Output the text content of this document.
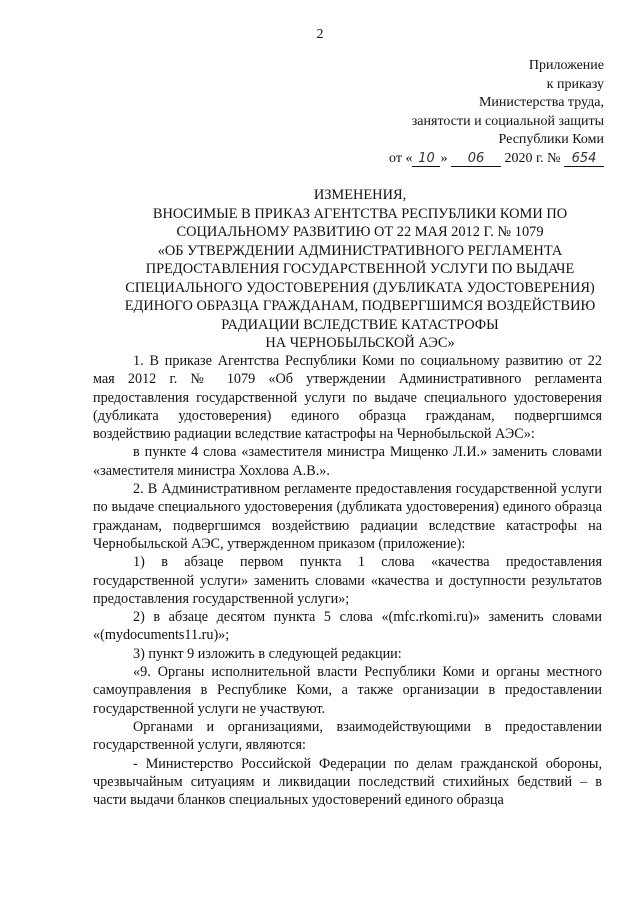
2
Приложение
к приказу
Министерства труда,
занятости и социальной защиты
Республики Коми
от « 10 » 06 2020 г. № 654
ИЗМЕНЕНИЯ,
ВНОСИМЫЕ В ПРИКАЗ АГЕНТСТВА РЕСПУБЛИКИ КОМИ ПО
СОЦИАЛЬНОМУ РАЗВИТИЮ ОТ 22 МАЯ 2012 Г. № 1079
«ОБ УТВЕРЖДЕНИИ АДМИНИСТРАТИВНОГО РЕГЛАМЕНТА
ПРЕДОСТАВЛЕНИЯ ГОСУДАРСТВЕННОЙ УСЛУГИ ПО ВЫДАЧЕ
СПЕЦИАЛЬНОГО УДОСТОВЕРЕНИЯ (ДУБЛИКАТА УДОСТОВЕРЕНИЯ)
ЕДИНОГО ОБРАЗЦА ГРАЖДАНАМ, ПОДВЕРГШИМСЯ ВОЗДЕЙСТВИЮ
РАДИАЦИИ ВСЛЕДСТВИЕ КАТАСТРОФЫ
НА ЧЕРНОБЫЛЬСКОЙ АЭС»

1. В приказе Агентства Республики Коми по социальному развитию от 22 мая 2012 г. № 1079 «Об утверждении Административного регламента предоставления государственной услуги по выдаче специального удостоверения (дубликата удостоверения) единого образца гражданам, подвергшимся воздействию радиации вследствие катастрофы на Чернобыльской АЭС»:

в пункте 4 слова «заместителя министра Мищенко Л.И.» заменить словами «заместителя министра Хохлова А.В.».

2. В Административном регламенте предоставления государственной услуги по выдаче специального удостоверения (дубликата удостоверения) единого образца гражданам, подвергшимся воздействию радиации вследствие катастрофы на Чернобыльской АЭС, утвержденном приказом (приложение):

1) в абзаце первом пункта 1 слова «качества предоставления государственной услуги» заменить словами «качества и доступности результатов предоставления государственной услуги»;

2) в абзаце десятом пункта 5 слова «(mfc.rkomi.ru)» заменить словами «(mydocuments11.ru)»;

3) пункт 9 изложить в следующей редакции:

«9. Органы исполнительной власти Республики Коми и органы местного самоуправления в Республике Коми, а также организации в предоставлении государственной услуги не участвуют.

Органами и организациями, взаимодействующими в предоставлении государственной услуги, являются:

- Министерство Российской Федерации по делам гражданской обороны, чрезвычайным ситуациям и ликвидации последствий стихийных бедствий – в части выдачи бланков специальных удостоверений единого образца
